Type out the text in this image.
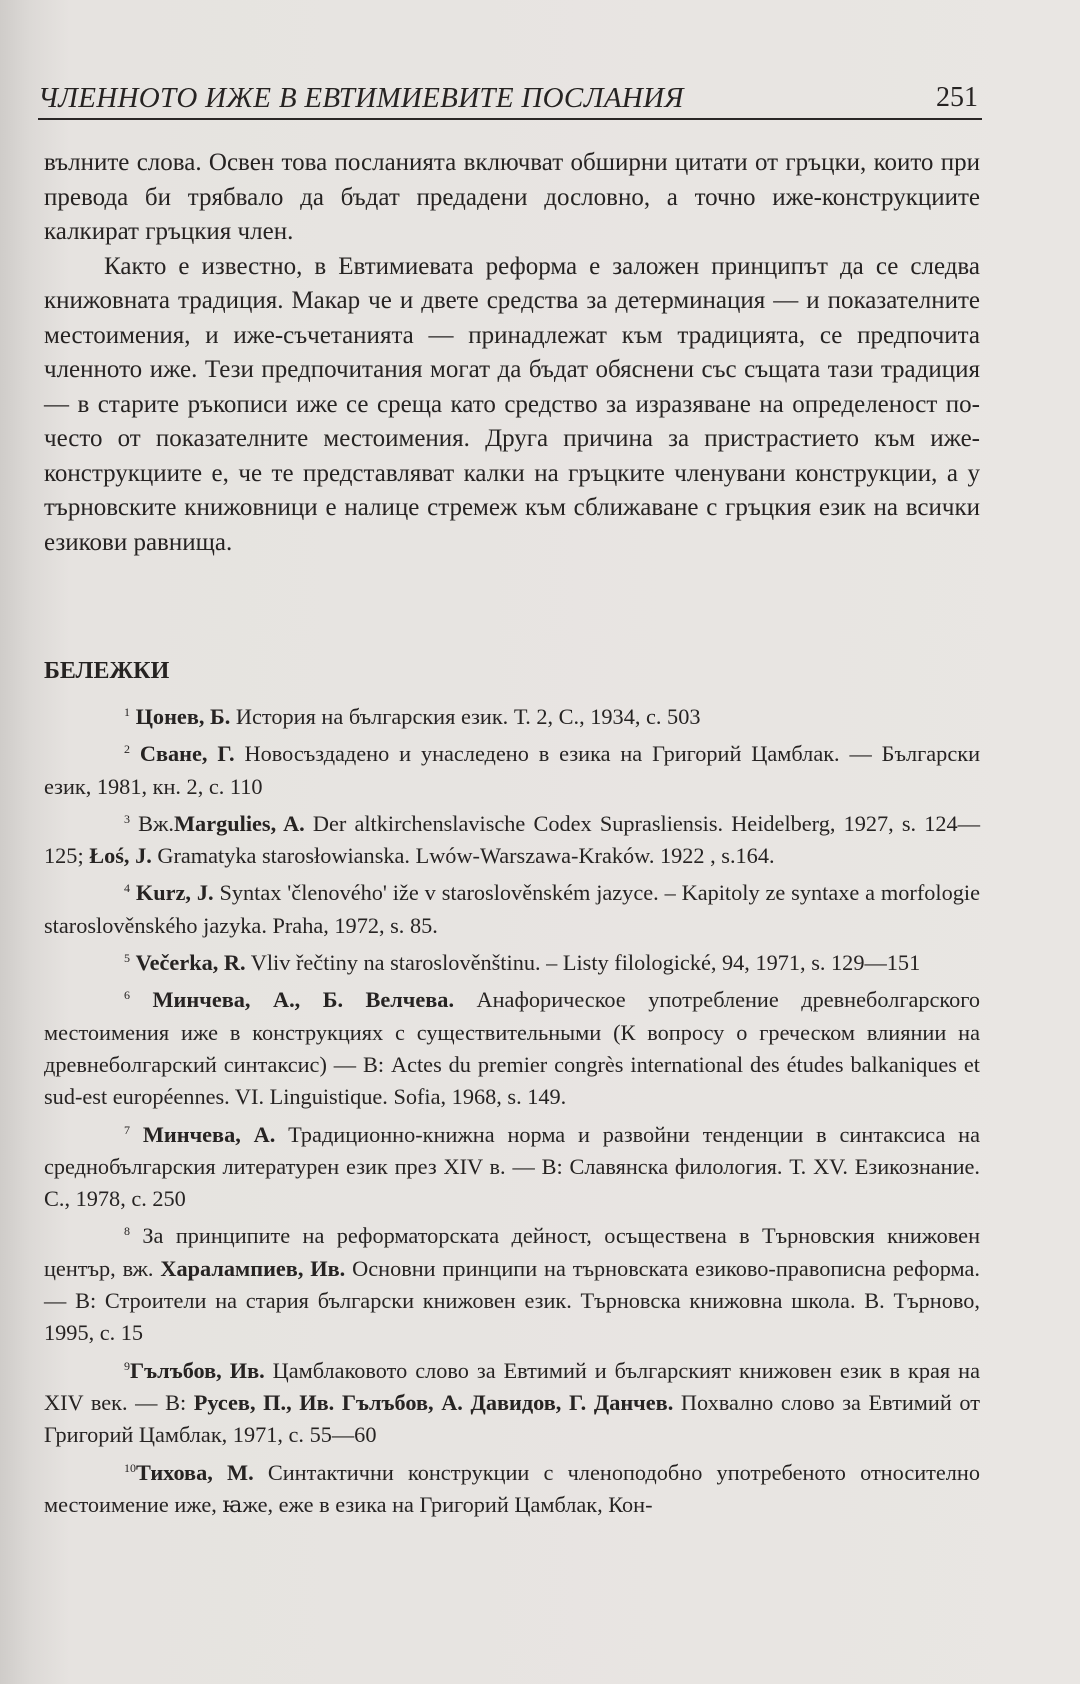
ЧЛЕННОТО ИЖЕ В ЕВТИМИЕВИТЕ ПОСЛАНИЯ	251

вълните слова. Освен това посланията включват обширни цитати от гръцки, които при превода би трябвало да бъдат предадени дословно, а точно иже-конструкциите калкират гръцкия член.

Както е известно, в Евтимиевата реформа е заложен принципът да се следва книжовната традиция. Макар че и двете средства за детерминация — и показателните местоимения, и иже-съчетанията — принадлежат към традицията, се предпочита членното иже. Тези предпочитания могат да бъдат обяснени със същата тази традиция — в старите ръкописи иже се среща като средство за изразяване на определеност по-често от показателните местоимения. Друга причина за пристрастието към иже-конструкциите е, че те представляват калки на гръцките членувани конструкции, а у търновските книжовници е налице стремеж към сближаване с гръцкия език на всички езикови равнища.

БЕЛЕЖКИ

$^1$ Цонев, Б. История на българския език. Т. 2, С., 1934, с. 503

$^2$ Сване, Г. Новосъздадено и унаследено в езика на Григорий Цамблак. — Български език, 1981, кн. 2, с. 110

$^3$ Вж.Margulies, A. Der altkirchenslavische Codex Suprasliensis. Heidelberg, 1927, s. 124—125; Łoś, J. Gramatyka starosłowianska. Lwów-Warszawa-Kraków. 1922 , s.164.

$^4$ Kurz, J. Syntax 'členového' iže v staroslověnském jazyce. – Kapitoly ze syntaxe a morfologie staroslověnského jazyka. Praha, 1972, s. 85.

$^5$ Večerka, R. Vliv řečtiny na staroslověnštinu. – Listy filologické, 94, 1971, s. 129—151

$^6$ Минчева, А., Б. Велчева. Анафорическое употребление древнеболгарского местоимения иже в конструкциях с существительными (К вопросу о греческом влиянии на древнеболгарский синтаксис) — В: Actes du premier congrès international des études balkaniques et sud-est européennes. VI. Linguistique. Sofia, 1968, s. 149.

$^7$ Минчева, А. Традиционно-книжна норма и развойни тенденции в синтаксиса на среднобългарския литературен език през XIV в. — В: Славянска филология. Т. XV. Езикознание. С., 1978, с. 250

$^8$ За принципите на реформаторската дейност, осъществена в Търновския книжовен център, вж. Харалампиев, Ив. Основни принципи на търновската езиково-правописна реформа. — В: Строители на стария български книжовен език. Търновска книжовна школа. В. Търново, 1995, с. 15

$^9$Гълъбов, Ив. Цамблаковото слово за Евтимий и българският книжовен език в края на XIV век. — В: Русев, П., Ив. Гълъбов, А. Давидов, Г. Данчев. Похвално слово за Евтимий от Григорий Цамблак, 1971, с. 55—60

$^{10}$Тихова, М. Синтактични конструкции с членоподобно употребеното относително местоимение иже, ꙗже, еже в езика на Григорий Цамблак, Кон-
